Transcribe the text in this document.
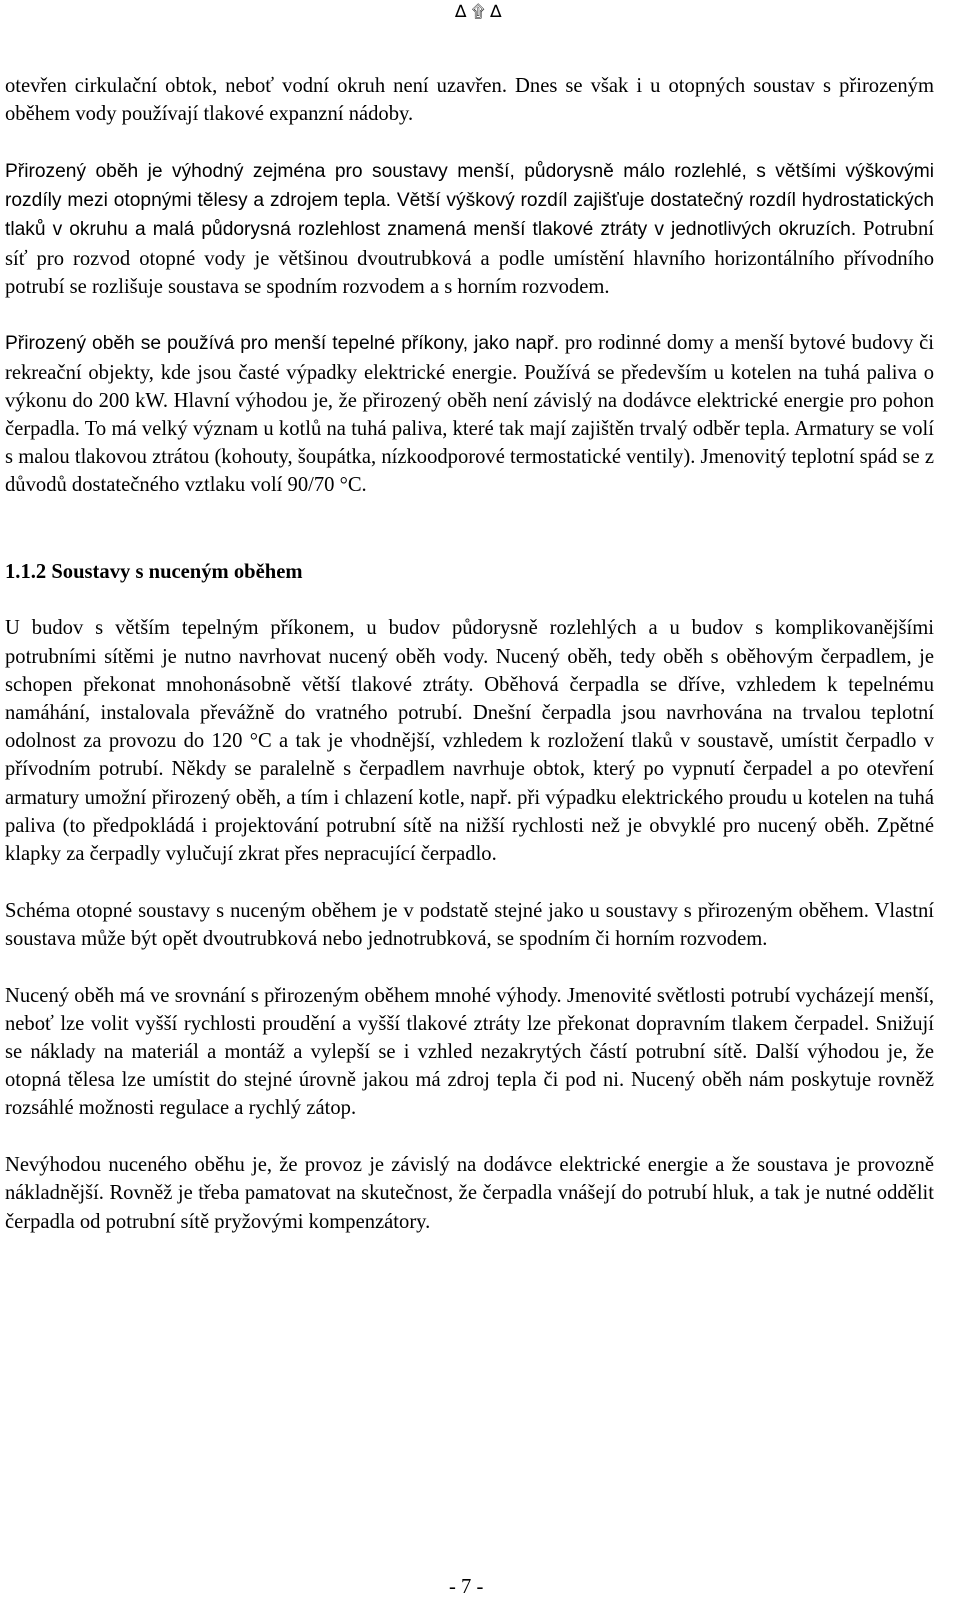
∆ ۩ ∆

otevřen cirkulační obtok, neboť vodní okruh není uzavřen. Dnes se však i u otopných soustav s přirozeným oběhem vody používají tlakové expanzní nádoby.

Přirozený oběh je výhodný zejména pro soustavy menší, půdorysně málo rozlehlé, s většími výškovými rozdíly mezi otopnými tělesy a zdrojem tepla. Větší výškový rozdíl zajišťuje dostatečný rozdíl hydrostatických tlaků v okruhu a malá půdorysná rozlehlost znamená menší tlakové ztráty v jednotlivých okruzích. Potrubní síť pro rozvod otopné vody je většinou dvoutrubková a podle umístění hlavního horizontálního přívodního potrubí se rozlišuje soustava se spodním rozvodem a s horním rozvodem.

Přirozený oběh se používá pro menší tepelné příkony, jako např. pro rodinné domy a menší bytové budovy či rekreační objekty, kde jsou časté výpadky elektrické energie. Používá se především u kotelen na tuhá paliva o výkonu do 200 kW. Hlavní výhodou je, že přirozený oběh není závislý na dodávce elektrické energie pro pohon čerpadla. To má velký význam u kotlů na tuhá paliva, které tak mají zajištěn trvalý odběr tepla. Armatury se volí s malou tlakovou ztrátou (kohouty, šoupátka, nízkoodporové termostatické ventily). Jmenovitý teplotní spád se z důvodů dostatečného vztlaku volí 90/70 °C.

1.1.2 Soustavy s nuceným oběhem

U budov s větším tepelným příkonem, u budov půdorysně rozlehlých a u budov s komplikovanějšími potrubními sítěmi je nutno navrhovat nucený oběh vody. Nucený oběh, tedy oběh s oběhovým čerpadlem, je schopen překonat mnohonásobně větší tlakové ztráty. Oběhová čerpadla se dříve, vzhledem k tepelnému namáhání, instalovala převážně do vratného potrubí. Dnešní čerpadla jsou navrhována na trvalou teplotní odolnost za provozu do 120 °C a tak je vhodnější, vzhledem k rozložení tlaků v soustavě, umístit čerpadlo v přívodním potrubí. Někdy se paralelně s čerpadlem navrhuje obtok, který po vypnutí čerpadel a po otevření armatury umožní přirozený oběh, a tím i chlazení kotle, např. při výpadku elektrického proudu u kotelen na tuhá paliva (to předpokládá i projektování potrubní sítě na nižší rychlosti než je obvyklé pro nucený oběh. Zpětné klapky za čerpadly vylučují zkrat přes nepracující čerpadlo.

Schéma otopné soustavy s nuceným oběhem je v podstatě stejné jako u soustavy s přirozeným oběhem. Vlastní soustava může být opět dvoutrubková nebo jednotrubková, se spodním či horním rozvodem.

Nucený oběh má ve srovnání s přirozeným oběhem mnohé výhody. Jmenovité světlosti potrubí vycházejí menší, neboť lze volit vyšší rychlosti proudění a vyšší tlakové ztráty lze překonat dopravním tlakem čerpadel. Snižují se náklady na materiál a montáž a vylepší se i vzhled nezakrytých částí potrubní sítě. Další výhodou je, že otopná tělesa lze umístit do stejné úrovně jakou má zdroj tepla či pod ni. Nucený oběh nám poskytuje rovněž rozsáhlé možnosti regulace a rychlý zátop.

Nevýhodou nuceného oběhu je, že provoz je závislý na dodávce elektrické energie a že soustava je provozně nákladnější. Rovněž je třeba pamatovat na skutečnost, že čerpadla vnášejí do potrubí hluk, a tak je nutné oddělit čerpadla od potrubní sítě pryžovými kompenzátory.

- 7 -
